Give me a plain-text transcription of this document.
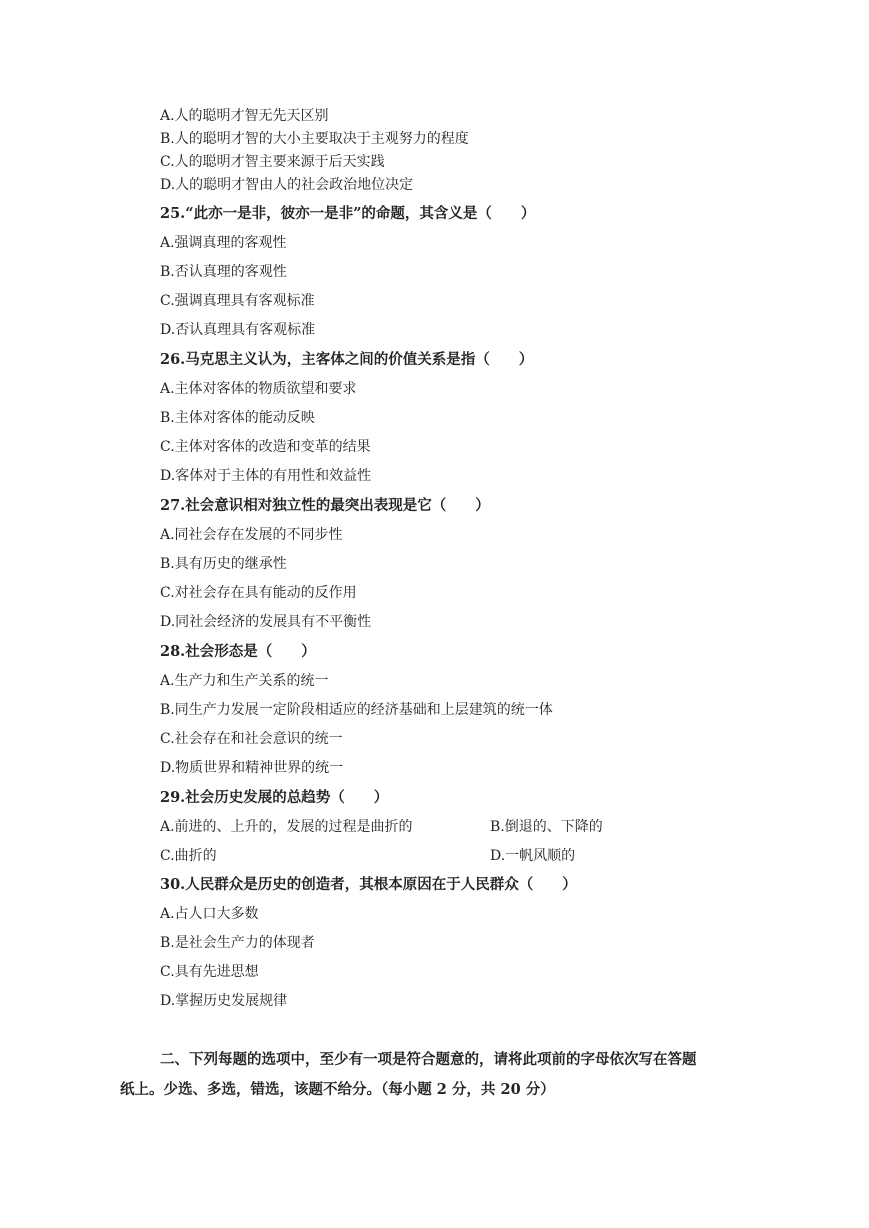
A.人的聪明才智无先天区别
B.人的聪明才智的大小主要取决于主观努力的程度
C.人的聪明才智主要来源于后天实践
D.人的聪明才智由人的社会政治地位决定
25.“此亦一是非，彼亦一是非”的命题，其含义是（　　）
A.强调真理的客观性
B.否认真理的客观性
C.强调真理具有客观标准
D.否认真理具有客观标准
26.马克思主义认为，主客体之间的价值关系是指（　　）
A.主体对客体的物质欲望和要求
B.主体对客体的能动反映
C.主体对客体的改造和变革的结果
D.客体对于主体的有用性和效益性
27.社会意识相对独立性的最突出表现是它（　　）
A.同社会存在发展的不同步性
B.具有历史的继承性
C.对社会存在具有能动的反作用
D.同社会经济的发展具有不平衡性
28.社会形态是（　　）
A.生产力和生产关系的统一
B.同生产力发展一定阶段相适应的经济基础和上层建筑的统一体
C.社会存在和社会意识的统一
D.物质世界和精神世界的统一
29.社会历史发展的总趋势（　　）
A.前进的、上升的，发展的过程是曲折的	B.倒退的、下降的
C.曲折的	D.一帆风顺的
30.人民群众是历史的创造者，其根本原因在于人民群众（　　）
A.占人口大多数
B.是社会生产力的体现者
C.具有先进思想
D.掌握历史发展规律
二、下列每题的选项中，至少有一项是符合题意的，请将此项前的字母依次写在答题
纸上。少选、多选，错选，该题不给分。（每小题 2 分，共 20 分）
